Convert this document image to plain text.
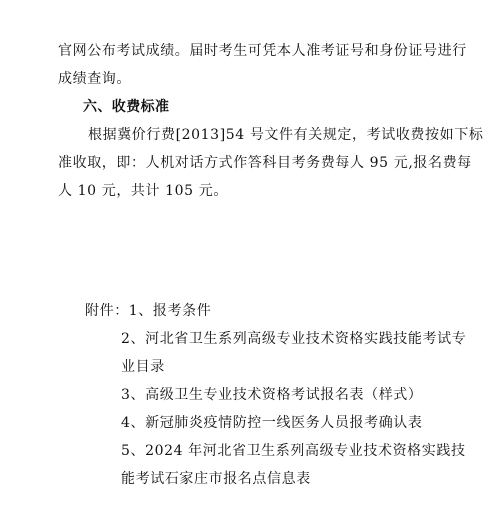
官网公布考试成绩。届时考生可凭本人准考证号和身份证号进行
成绩查询。
六、收费标准
根据冀价行费[2013]54 号文件有关规定，考试收费按如下标
准收取，即：人机对话方式作答科目考务费每人 95 元,报名费每
人 10 元，共计 105 元。
附件：1、报考条件
2、河北省卫生系列高级专业技术资格实践技能考试专
业目录
3、高级卫生专业技术资格考试报名表（样式）
4、新冠肺炎疫情防控一线医务人员报考确认表
5、2024 年河北省卫生系列高级专业技术资格实践技
能考试石家庄市报名点信息表
